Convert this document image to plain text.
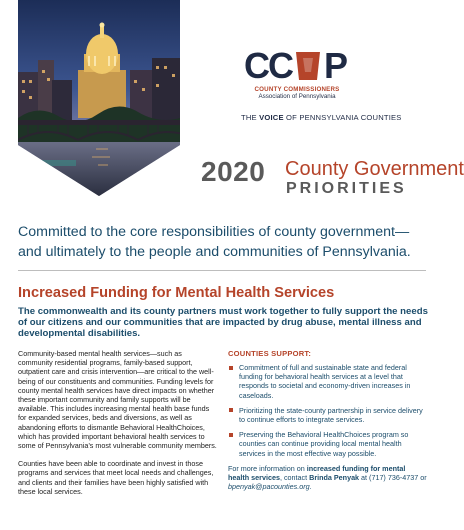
CC P
COUNTY COMMISSIONERS
Association of Pennsylvania
THE VOICE OF PENNSYLVANIA COUNTIES
2020 County Government
PRIORITIES
Committed to the core responsibilities of county government—and ultimately to the people and communities of Pennsylvania.
Increased Funding for Mental Health Services
The commonwealth and its county partners must work together to fully support the needs of our citizens and our communities that are impacted by drug abuse, mental illness and developmental disabilities.

Community-based mental health services—such as community residential programs, family-based support, outpatient care and crisis intervention—are critical to the well-being of our constituents and communities. Funding levels for county mental health services have direct impacts on whether these important community and family supports will be available. This includes increasing mental health base funds for expanded services, beds and diversions, as well as abandoning efforts to dismantle Behavioral HealthChoices, which has provided important behavioral health services to some of Pennsylvania’s most vulnerable community members.

Counties have been able to coordinate and invest in those programs and services that meet local needs and challenges, and clients and their families have been highly satisfied with these local services.

COUNTIES SUPPORT:
Commitment of full and sustainable state and federal funding for behavioral health services at a level that responds to societal and economy-driven increases in caseloads.
Prioritizing the state-county partnership in service delivery to continue efforts to integrate services.
Preserving the Behavioral HealthChoices program so counties can continue providing local mental health services in the most effective way possible.
For more information on increased funding for mental health services, contact Brinda Penyak at (717) 736-4737 or bpenyak@pacounties.org.
